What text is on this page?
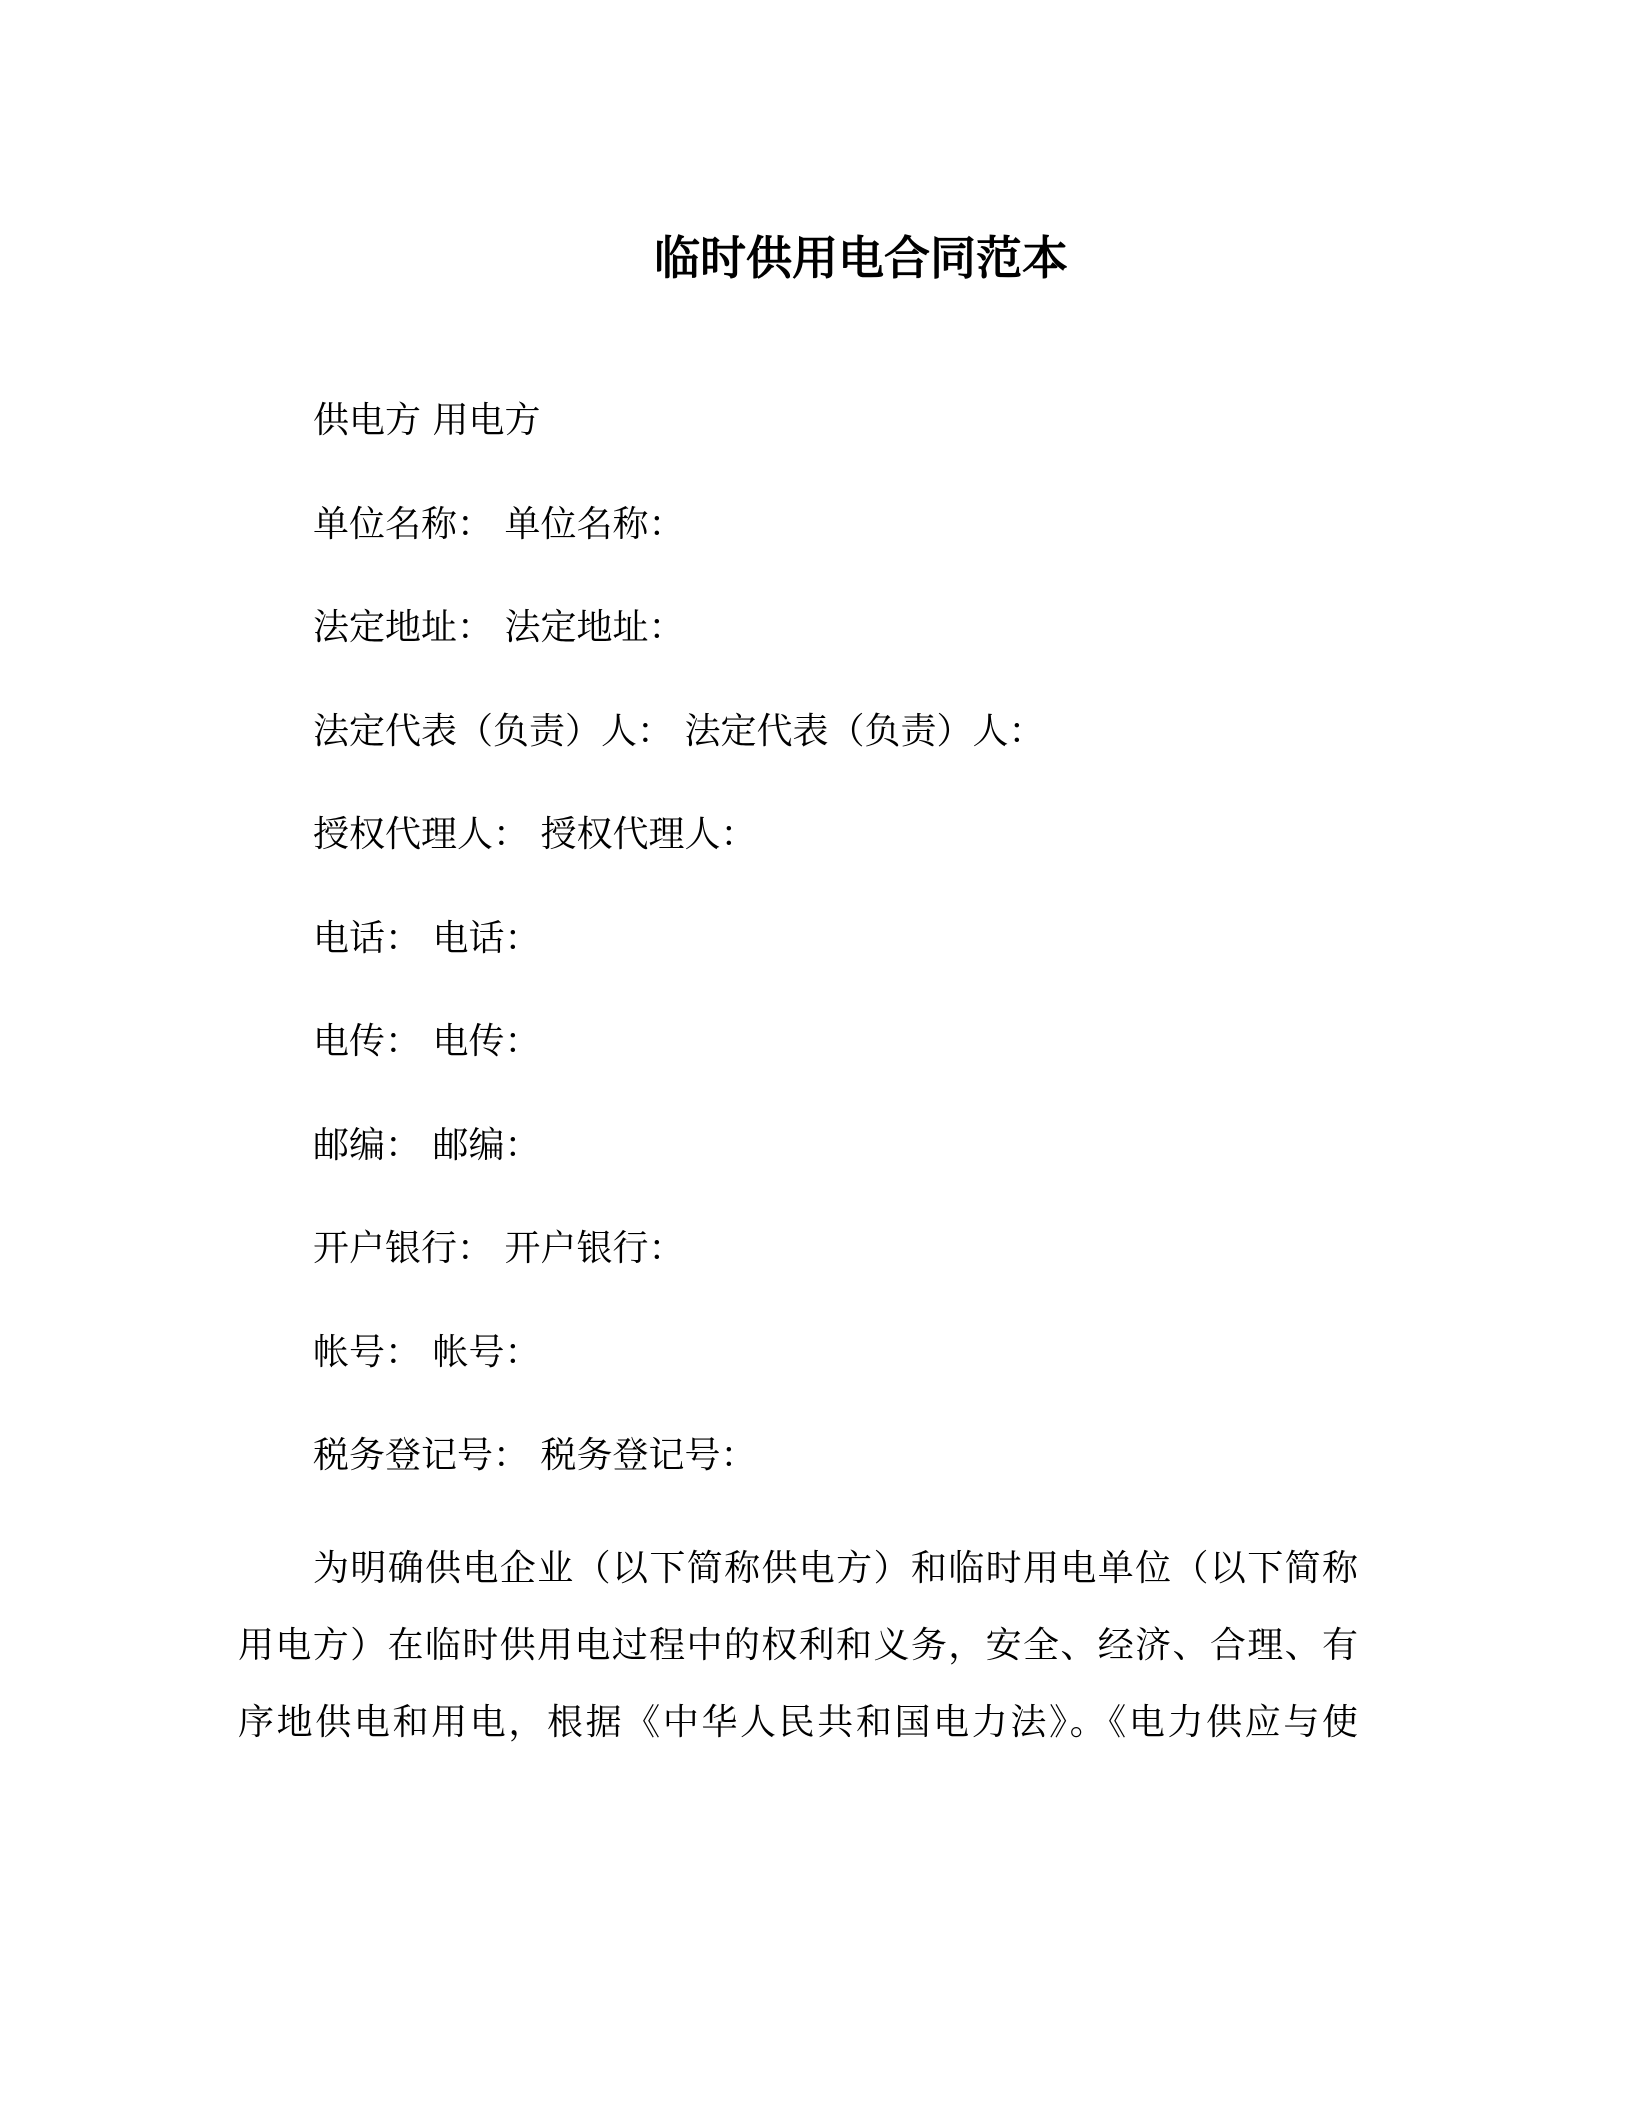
临时供用电合同范本
供电方 用电方
单位名称： 单位名称：
法定地址： 法定地址：
法定代表（负责）人： 法定代表（负责）人：
授权代理人： 授权代理人：
电话： 电话：
电传： 电传：
邮编： 邮编：
开户银行： 开户银行：
帐号： 帐号：
税务登记号： 税务登记号：
为明确供电企业（以下简称供电方）和临时用电单位（以下简称
用电方）在临时供用电过程中的权利和义务，安全、经济、合理、有
序地供电和用电，根据《中华人民共和国电力法》。《电力供应与使
